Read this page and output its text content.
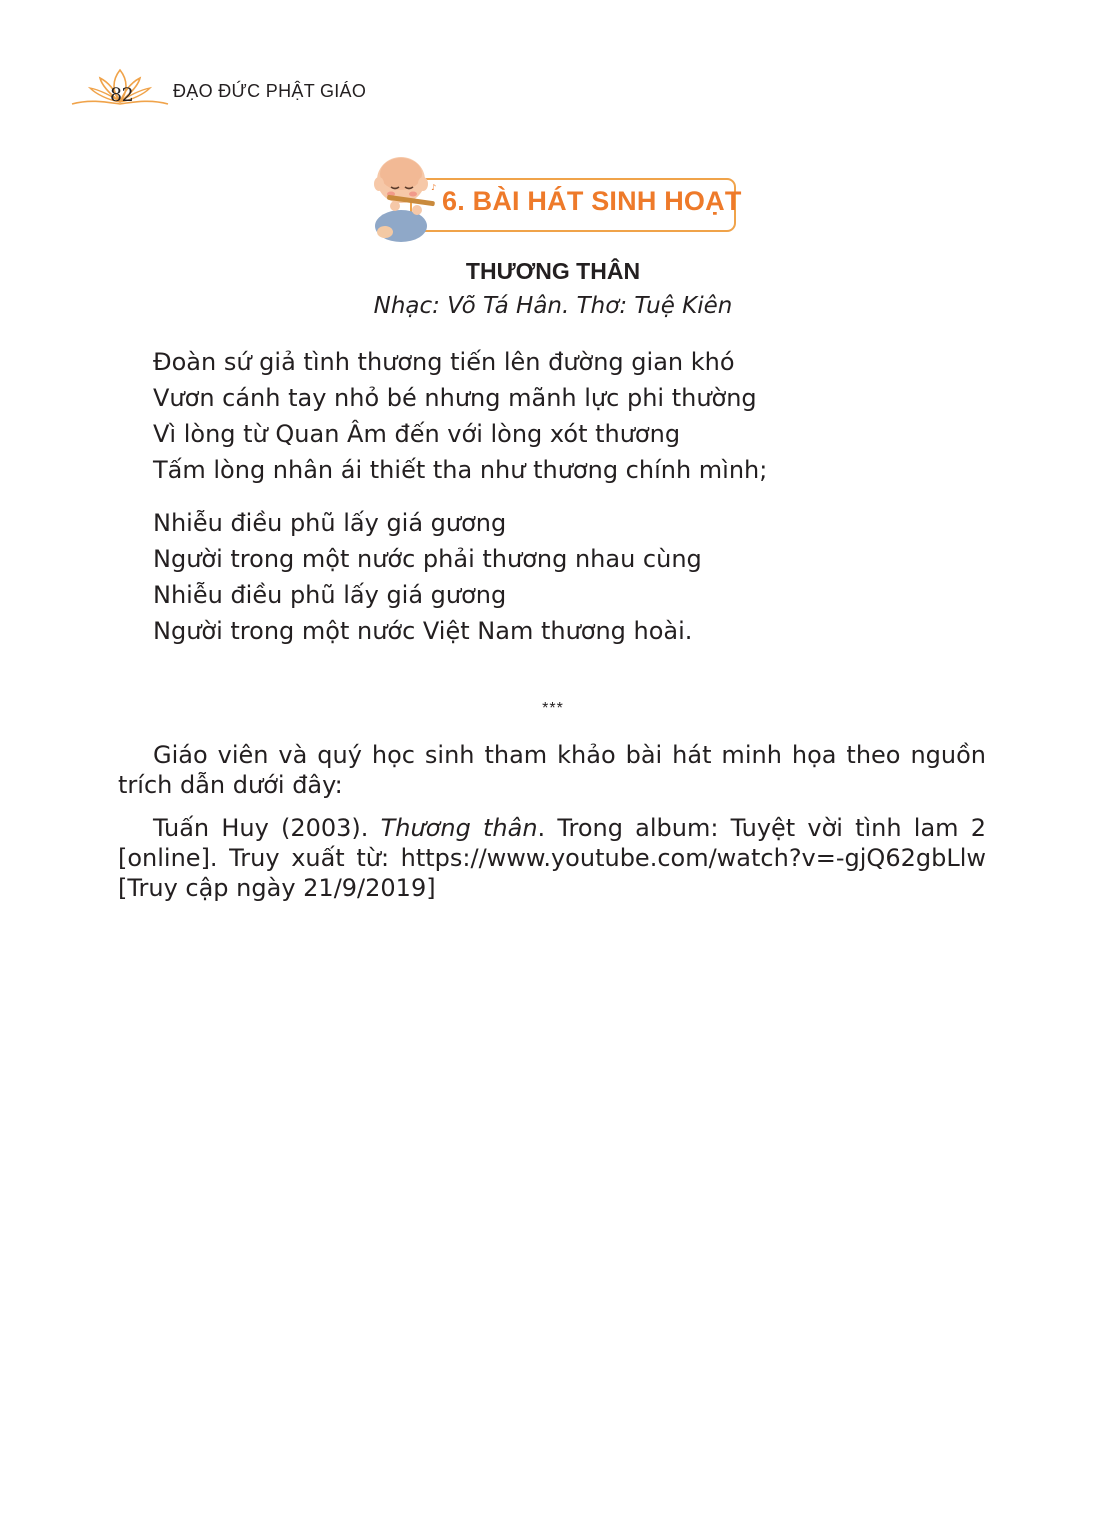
82 ĐẠO ĐỨC PHẬT GIÁO
♪ 6. BÀI HÁT SINH HOẠT
THƯƠNG THÂN
Nhạc: Võ Tá Hân. Thơ: Tuệ Kiên
Đoàn sứ giả tình thương tiến lên đường gian khó
Vươn cánh tay nhỏ bé nhưng mãnh lực phi thường
Vì lòng từ Quan Âm đến với lòng xót thương
Tấm lòng nhân ái thiết tha như thương chính mình;
Nhiễu điều phũ lấy giá gương
Người trong một nước phải thương nhau cùng
Nhiễu điều phũ lấy giá gương
Người trong một nước Việt Nam thương hoài.
***

Giáo viên và quý học sinh tham khảo bài hát minh họa theo nguồn trích dẫn dưới đây:

Tuấn Huy (2003). Thương thân. Trong album: Tuyệt vời tình lam 2 [online]. Truy xuất từ: https://www.youtube.com/watch?v=-gjQ62gbLlw [Truy cập ngày 21/9/2019]
